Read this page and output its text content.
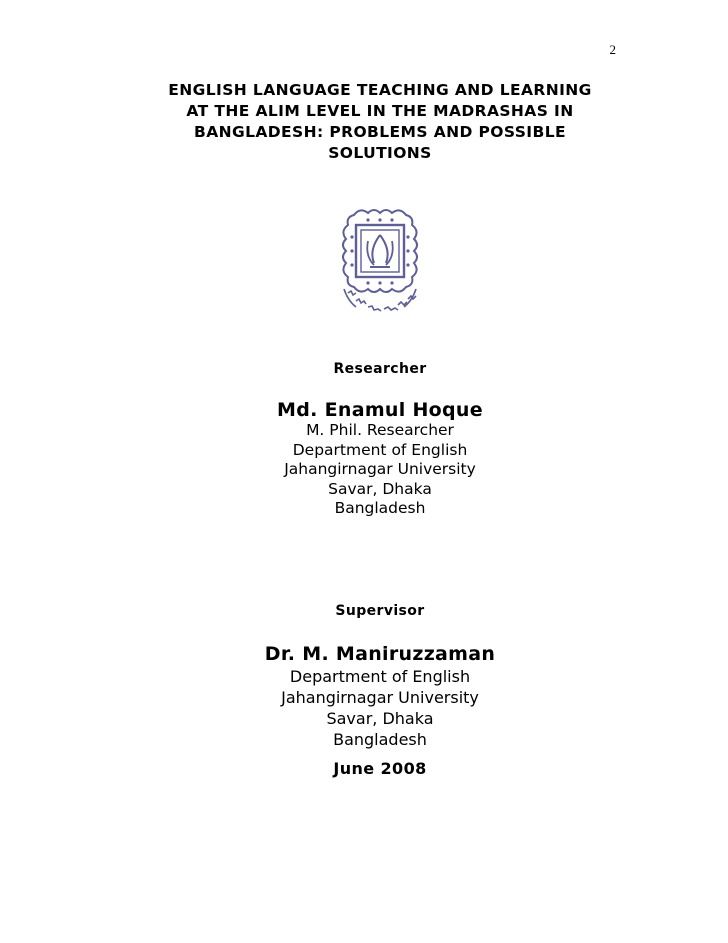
2
ENGLISH LANGUAGE TEACHING AND LEARNING
AT THE ALIM LEVEL IN THE MADRASHAS IN
BANGLADESH: PROBLEMS AND POSSIBLE
SOLUTIONS
Researcher
Md. Enamul Hoque
M. Phil. Researcher
Department of English
Jahangirnagar University
Savar, Dhaka
Bangladesh
Supervisor
Dr. M. Maniruzzaman
Department of English
Jahangirnagar University
Savar, Dhaka
Bangladesh
June 2008
